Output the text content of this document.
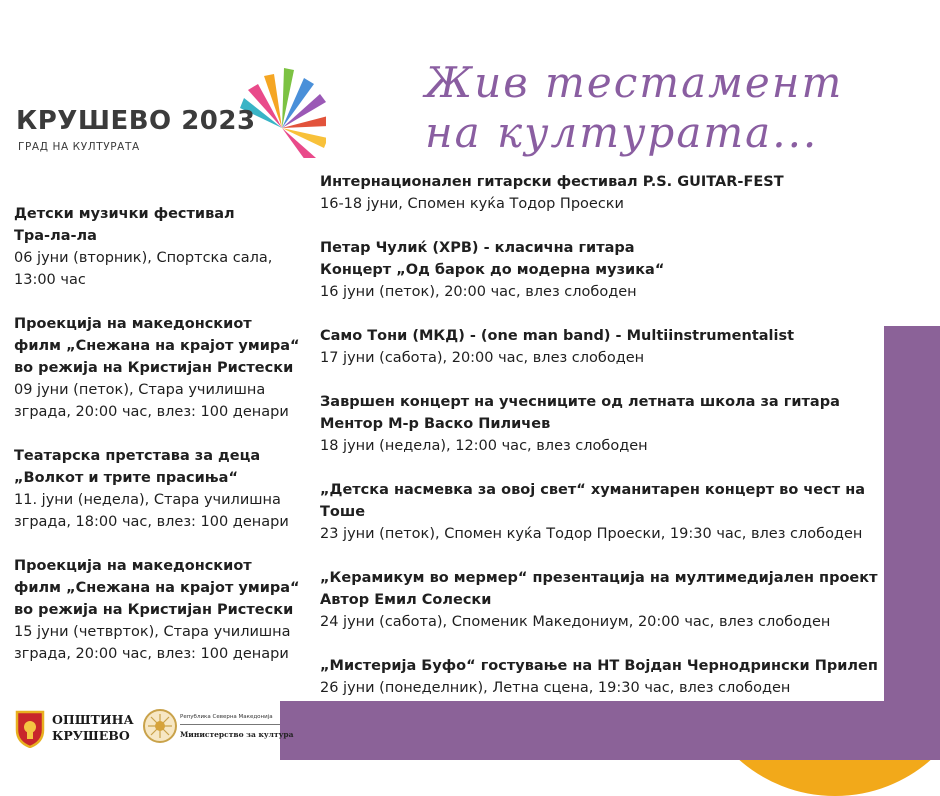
КРУШЕВО 2023
ГРАД НА КУЛТУРАТА
Жив тестамент
на културата...
Детски музички фестивал
Тра-ла-ла
06 јуни (вторник), Спортска сала,
13:00 час
Проекција на македонскиот
филм „Снежана на крајот умира“
во режија на Кристијан Ристески
09 јуни (петок), Стара училишна
зграда, 20:00 час, влез: 100 денари
Театарска претстава за деца
„Волкот и трите прасиња“
11. јуни (недела), Стара училишна
зграда, 18:00 час, влез: 100 денари
Проекција на македонскиот
филм „Снежана на крајот умира“
во режија на Кристијан Ристески
15 јуни (четврток), Стара училишна
зграда, 20:00 час, влез: 100 денари
Интернационален гитарски фестивал P.S. GUITAR-FEST
16-18 јуни, Спомен куќа Тодор Проески
Петар Чулиќ (ХРВ) - класична гитара
Концерт „Од барок до модерна музика“
16 јуни (петок), 20:00 час, влез слободен
Само Тони (МКД) - (one man band) - Multiinstrumentalist
17 јуни (сабота), 20:00 час, влез слободен
Завршен концерт на учесниците од летната школа за гитара
Ментор М-р Васко Пиличев
18 јуни (недела), 12:00 час, влез слободен
„Детска насмевка за овој свет“ хуманитарен концерт во чест на
Тоше
23 јуни (петок), Спомен куќа Тодор Проески, 19:30 час, влез слободен
„Керамикум во мермер“ презентација на мултимедијален проект
Автор Емил Солески
24 јуни (сабота), Споменик Македониум, 20:00 час, влез слободен
„Мистерија Буфо“ гостување на НТ Војдан Чернодрински Прилеп
26 јуни (понеделник), Летна сцена, 19:30 час, влез слободен
ОПШТИНА
КРУШЕВО
Република Северна Македонија
Министерство за култура
